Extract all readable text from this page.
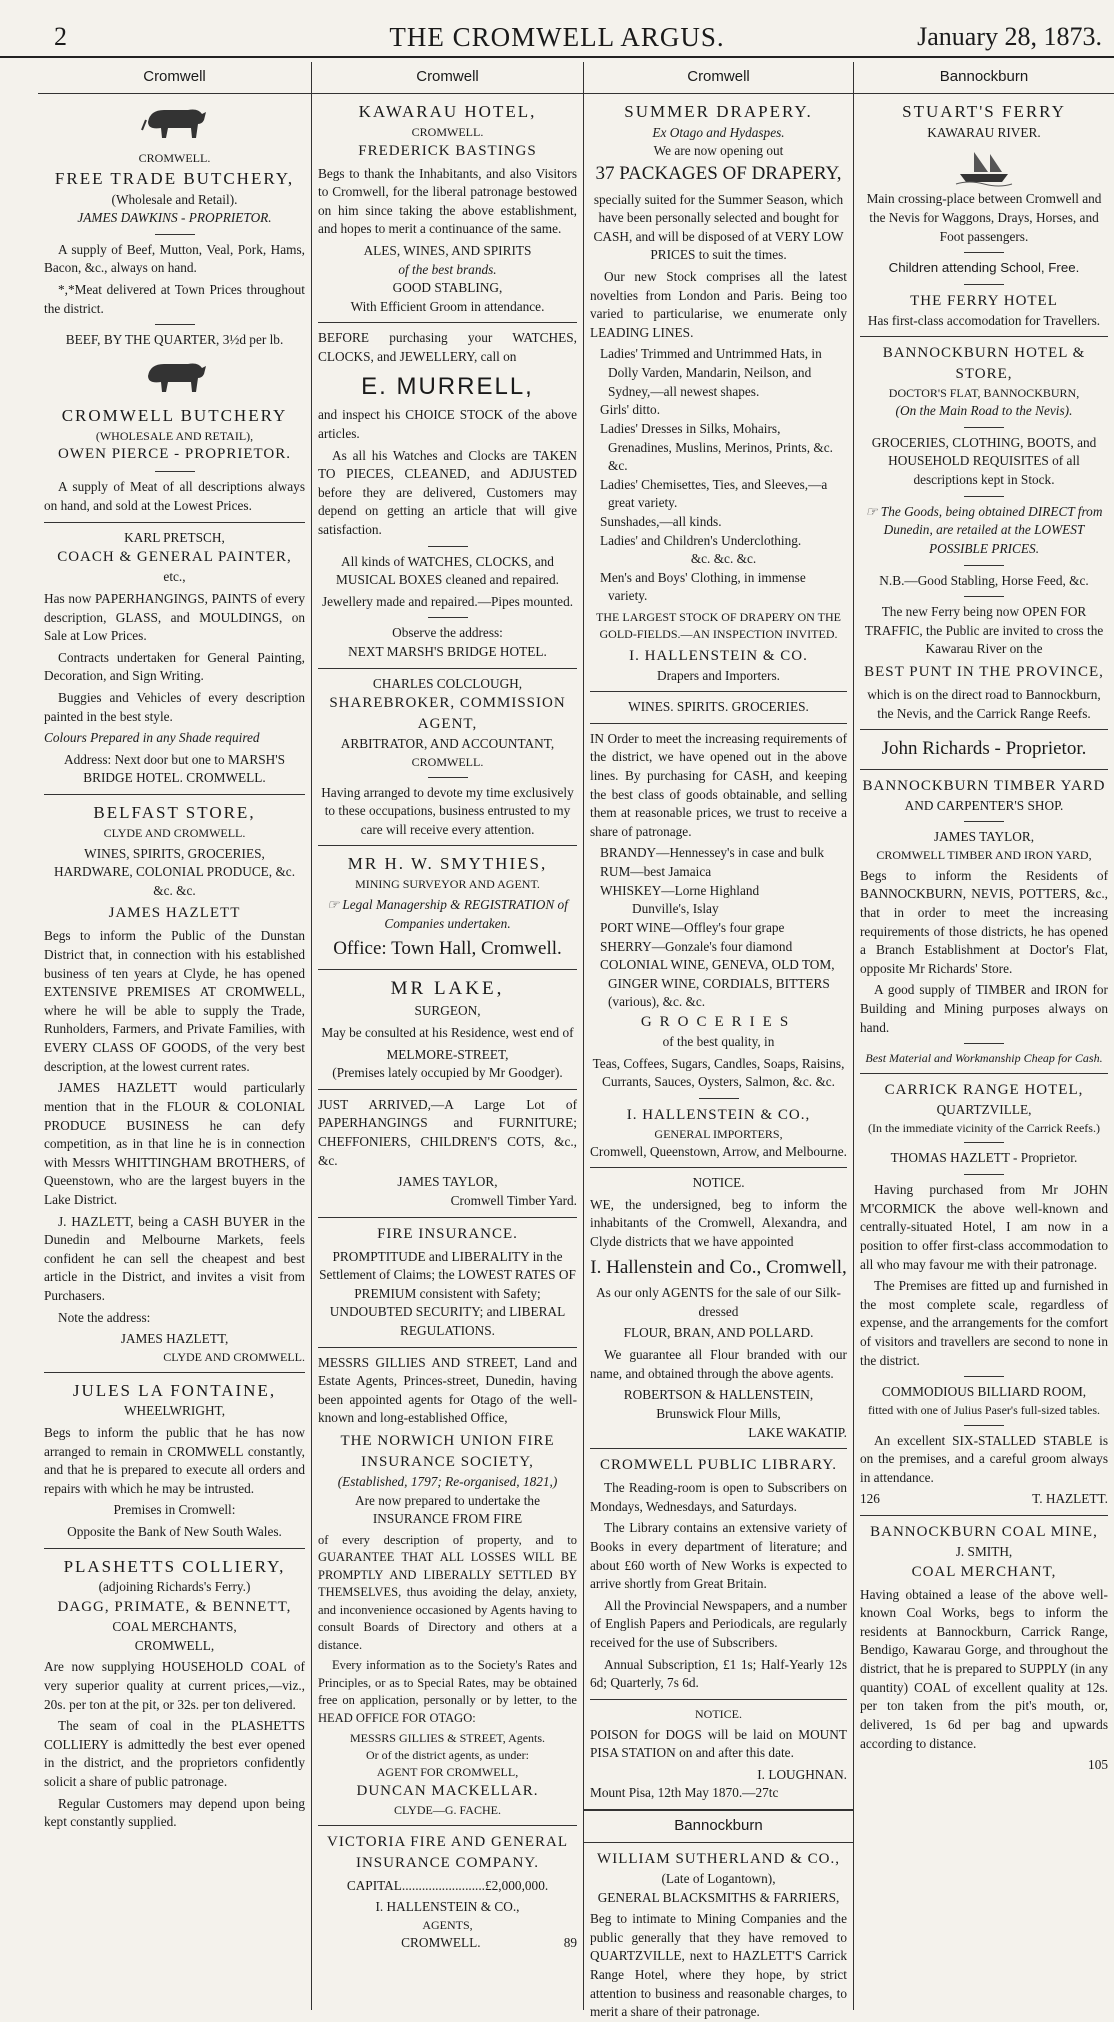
2	THE CROMWELL ARGUS.	January 28, 1873.
Cromwell
CROMWELL.
FREE TRADE BUTCHERY,
(Wholesale and Retail).
JAMES DAWKINS - PROPRIETOR.

A supply of Beef, Mutton, Veal, Pork, Hams, Bacon, &c., always on hand.

*,*Meat delivered at Town Prices throughout the district.

BEEF, BY THE QUARTER, 3½d per lb.
CROMWELL BUTCHERY
(WHOLESALE AND RETAIL),
OWEN PIERCE - PROPRIETOR.

A supply of Meat of all descriptions always on hand, and sold at the Lowest Prices.

KARL PRETSCH,
COACH & GENERAL PAINTER,
etc.,

Has now PAPERHANGINGS, PAINTS of every description, GLASS, and MOULDINGS, on Sale at Low Prices.

Contracts undertaken for General Painting, Decoration, and Sign Writing.

Buggies and Vehicles of every description painted in the best style.

Colours Prepared in any Shade required

Address: Next door but one to MARSH'S BRIDGE HOTEL. CROMWELL.

BELFAST STORE,
CLYDE AND CROMWELL.

WINES, SPIRITS, GROCERIES, HARDWARE, COLONIAL PRODUCE, &c. &c. &c.

JAMES HAZLETT

Begs to inform the Public of the Dunstan District that, in connection with his established business of ten years at Clyde, he has opened EXTENSIVE PREMISES AT CROMWELL, where he will be able to supply the Trade, Runholders, Farmers, and Private Families, with EVERY CLASS OF GOODS, of the very best description, at the lowest current rates.

JAMES HAZLETT would particularly mention that in the FLOUR & COLONIAL PRODUCE BUSINESS he can defy competition, as in that line he is in connection with Messrs WHITTINGHAM BROTHERS, of Queenstown, who are the largest buyers in the Lake District.

J. HAZLETT, being a CASH BUYER in the Dunedin and Melbourne Markets, feels confident he can sell the cheapest and best article in the District, and invites a visit from Purchasers.

Note the address:

JAMES HAZLETT,
CLYDE AND CROMWELL.
JULES LA FONTAINE,
WHEELWRIGHT,

Begs to inform the public that he has now arranged to remain in CROMWELL constantly, and that he is prepared to execute all orders and repairs with which he may be intrusted.

Premises in Cromwell:

Opposite the Bank of New South Wales.

PLASHETTS COLLIERY,
(adjoining Richards's Ferry.)
DAGG, PRIMATE, & BENNETT,
COAL MERCHANTS,
CROMWELL,

Are now supplying HOUSEHOLD COAL of very superior quality at current prices,—viz., 20s. per ton at the pit, or 32s. per ton delivered.

The seam of coal in the PLASHETTS COLLIERY is admittedly the best ever opened in the district, and the proprietors confidently solicit a share of public patronage.

Regular Customers may depend upon being kept constantly supplied.

Cromwell
KAWARAU HOTEL,
CROMWELL.
FREDERICK BASTINGS

Begs to thank the Inhabitants, and also Visitors to Cromwell, for the liberal patronage bestowed on him since taking the above establishment, and hopes to merit a continuance of the same.

ALES, WINES, AND SPIRITS
of the best brands.
GOOD STABLING,
With Efficient Groom in attendance.

BEFORE purchasing your WATCHES, CLOCKS, and JEWELLERY, call on

E. MURRELL,

and inspect his CHOICE STOCK of the above articles.

As all his Watches and Clocks are TAKEN TO PIECES, CLEANED, and ADJUSTED before they are delivered, Customers may depend on getting an article that will give satisfaction.

All kinds of WATCHES, CLOCKS, and MUSICAL BOXES cleaned and repaired.

Jewellery made and repaired.—Pipes mounted.

Observe the address:
NEXT MARSH'S BRIDGE HOTEL.
CHARLES COLCLOUGH,
SHAREBROKER, COMMISSION AGENT,
ARBITRATOR, AND ACCOUNTANT,
CROMWELL.

Having arranged to devote my time exclusively to these occupations, business entrusted to my care will receive every attention.

MR H. W. SMYTHIES,
MINING SURVEYOR AND AGENT.

☞ Legal Managership & REGISTRATION of Companies undertaken.

Office: Town Hall, Cromwell.
MR LAKE,
SURGEON,

May be consulted at his Residence, west end of

MELMORE-STREET,
(Premises lately occupied by Mr Goodger).

JUST ARRIVED,—A Large Lot of PAPERHANGINGS and FURNITURE; CHEFFONIERS, CHILDREN'S COTS, &c., &c.

JAMES TAYLOR,
Cromwell Timber Yard.
FIRE INSURANCE.

PROMPTITUDE and LIBERALITY in the Settlement of Claims; the LOWEST RATES OF PREMIUM consistent with Safety; UNDOUBTED SECURITY; and LIBERAL REGULATIONS.

MESSRS GILLIES AND STREET, Land and Estate Agents, Princes-street, Dunedin, having been appointed agents for Otago of the well-known and long-established Office,

THE NORWICH UNION FIRE INSURANCE SOCIETY,
(Established, 1797; Re-organised, 1821,)
Are now prepared to undertake the
INSURANCE FROM FIRE

of every description of property, and to GUARANTEE THAT ALL LOSSES WILL BE PROMPTLY AND LIBERALLY SETTLED BY THEMSELVES, thus avoiding the delay, anxiety, and inconvenience occasioned by Agents having to consult Boards of Directory and others at a distance.

Every information as to the Society's Rates and Principles, or as to Special Rates, may be obtained free on application, personally or by letter, to the HEAD OFFICE FOR OTAGO:

MESSRS GILLIES & STREET, Agents.
Or of the district agents, as under:
AGENT FOR CROMWELL,
DUNCAN MACKELLAR.
CLYDE—G. FACHE.
VICTORIA FIRE AND GENERAL INSURANCE COMPANY.

CAPITAL.........................£2,000,000.

I. HALLENSTEIN & CO.,
AGENTS,
CROMWELL.	89
Cromwell
SUMMER DRAPERY.
Ex Otago and Hydaspes.
We are now opening out
37 PACKAGES OF DRAPERY,

specially suited for the Summer Season, which have been personally selected and bought for CASH, and will be disposed of at VERY LOW PRICES to suit the times.

Our new Stock comprises all the latest novelties from London and Paris. Being too varied to particularise, we enumerate only LEADING LINES.

Ladies' Trimmed and Untrimmed Hats, in Dolly Varden, Mandarin, Neilson, and Sydney,—all newest shapes.
Girls' ditto.
Ladies' Dresses in Silks, Mohairs, Grenadines, Muslins, Merinos, Prints, &c. &c.
Ladies' Chemisettes, Ties, and Sleeves,—a great variety.
Sunshades,—all kinds.
Ladies' and Children's Underclothing.
&c. &c. &c.
Men's and Boys' Clothing, in immense variety.

THE LARGEST STOCK OF DRAPERY ON THE GOLD-FIELDS.—AN INSPECTION INVITED.

I. HALLENSTEIN & CO.
Drapers and Importers.
WINES. SPIRITS. GROCERIES.

IN Order to meet the increasing requirements of the district, we have opened out in the above lines. By purchasing for CASH, and keeping the best class of goods obtainable, and selling them at reasonable prices, we trust to receive a share of patronage.

BRANDY—Hennessey's in case and bulk
RUM—best Jamaica
WHISKEY—Lorne Highland
Dunville's, Islay
PORT WINE—Offley's four grape
SHERRY—Gonzale's four diamond
COLONIAL WINE, GENEVA, OLD TOM, GINGER WINE, CORDIALS, BITTERS (various), &c. &c.
GROCERIES
of the best quality, in

Teas, Coffees, Sugars, Candles, Soaps, Raisins, Currants, Sauces, Oysters, Salmon, &c. &c.

I. HALLENSTEIN & CO.,
GENERAL IMPORTERS,
Cromwell, Queenstown, Arrow, and Melbourne.
NOTICE.

WE, the undersigned, beg to inform the inhabitants of the Cromwell, Alexandra, and Clyde districts that we have appointed

I. Hallenstein and Co., Cromwell,

As our only AGENTS for the sale of our Silk-dressed

FLOUR, BRAN, AND POLLARD.

We guarantee all Flour branded with our name, and obtained through the above agents.

ROBERTSON & HALLENSTEIN,
Brunswick Flour Mills,
LAKE WAKATIP.
CROMWELL PUBLIC LIBRARY.

The Reading-room is open to Subscribers on Mondays, Wednesdays, and Saturdays.

The Library contains an extensive variety of Books in every department of literature; and about £60 worth of New Works is expected to arrive shortly from Great Britain.

All the Provincial Newspapers, and a number of English Papers and Periodicals, are regularly received for the use of Subscribers.

Annual Subscription, £1 1s; Half-Yearly 12s 6d; Quarterly, 7s 6d.

NOTICE.

POISON for DOGS will be laid on MOUNT PISA STATION on and after this date.

I. LOUGHNAN.
Mount Pisa, 12th May 1870.—27tc
Bannockburn
WILLIAM SUTHERLAND & CO.,
(Late of Logantown),
GENERAL BLACKSMITHS & FARRIERS,

Beg to intimate to Mining Companies and the public generally that they have removed to QUARTZVILLE, next to HAZLETT'S Carrick Range Hotel, where they hope, by strict attention to business and reasonable charges, to merit a share of their patronage.

Bannockburn
STUART'S FERRY
KAWARAU RIVER.

Main crossing-place between Cromwell and the Nevis for Waggons, Drays, Horses, and Foot passengers.

Children attending School, Free.
THE FERRY HOTEL
Has first-class accomodation for Travellers.
BANNOCKBURN HOTEL & STORE,
DOCTOR'S FLAT, BANNOCKBURN,
(On the Main Road to the Nevis).

GROCERIES, CLOTHING, BOOTS, and HOUSEHOLD REQUISITES of all descriptions kept in Stock.

☞ The Goods, being obtained DIRECT from Dunedin, are retailed at the LOWEST POSSIBLE PRICES.

N.B.—Good Stabling, Horse Feed, &c.

The new Ferry being now OPEN FOR TRAFFIC, the Public are invited to cross the Kawarau River on the

BEST PUNT IN THE PROVINCE,

which is on the direct road to Bannockburn, the Nevis, and the Carrick Range Reefs.

John Richards - Proprietor.
BANNOCKBURN TIMBER YARD
AND CARPENTER'S SHOP.
JAMES TAYLOR,
CROMWELL TIMBER AND IRON YARD,

Begs to inform the Residents of BANNOCKBURN, NEVIS, POTTERS, &c., that in order to meet the increasing requirements of those districts, he has opened a Branch Establishment at Doctor's Flat, opposite Mr Richards' Store.

A good supply of TIMBER and IRON for Building and Mining purposes always on hand.

Best Material and Workmanship Cheap for Cash.
CARRICK RANGE HOTEL,
QUARTZVILLE,
(In the immediate vicinity of the Carrick Reefs.)
THOMAS HAZLETT - Proprietor.

Having purchased from Mr JOHN M'CORMICK the above well-known and centrally-situated Hotel, I am now in a position to offer first-class accommodation to all who may favour me with their patronage.

The Premises are fitted up and furnished in the most complete scale, regardless of expense, and the arrangements for the comfort of visitors and travellers are second to none in the district.

COMMODIOUS BILLIARD ROOM,
fitted with one of Julius Paser's full-sized tables.

An excellent SIX-STALLED STABLE is on the premises, and a careful groom always in attendance.

126	T. HAZLETT.
BANNOCKBURN COAL MINE,
J. SMITH,
COAL MERCHANT,

Having obtained a lease of the above well-known Coal Works, begs to inform the residents at Bannockburn, Carrick Range, Bendigo, Kawarau Gorge, and throughout the district, that he is prepared to SUPPLY (in any quantity) COAL of excellent quality at 12s. per ton taken from the pit's mouth, or, delivered, 1s 6d per bag and upwards according to distance.

105
